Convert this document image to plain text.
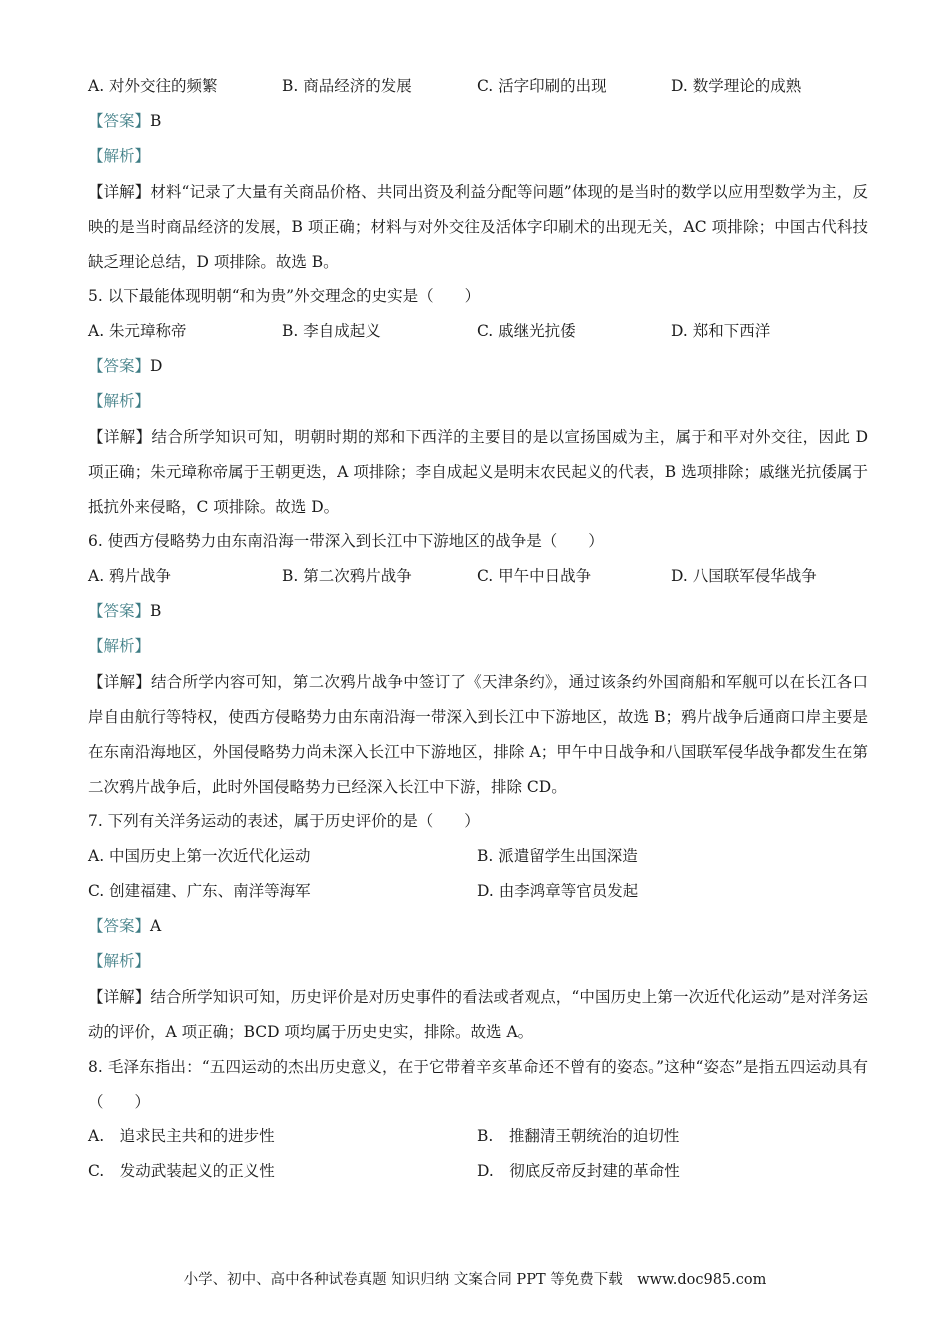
A. 对外交往的频繁	B. 商品经济的发展	C. 活字印刷的出现	D. 数学理论的成熟
【答案】B
【解析】

【详解】材料“记录了大量有关商品价格、共同出资及利益分配等问题”体现的是当时的数学以应用型数学为主，反映的是当时商品经济的发展，B 项正确；材料与对外交往及活体字印刷术的出现无关，AC 项排除；中国古代科技缺乏理论总结，D 项排除。故选 B。

5. 以下最能体现明朝“和为贵”外交理念的史实是（　　）
A. 朱元璋称帝	B. 李自成起义	C. 戚继光抗倭	D. 郑和下西洋
【答案】D
【解析】

【详解】结合所学知识可知，明朝时期的郑和下西洋的主要目的是以宣扬国威为主，属于和平对外交往，因此 D 项正确；朱元璋称帝属于王朝更迭，A 项排除；李自成起义是明末农民起义的代表，B 选项排除；戚继光抗倭属于抵抗外来侵略，C 项排除。故选 D。

6. 使西方侵略势力由东南沿海一带深入到长江中下游地区的战争是（　　）
A. 鸦片战争	B. 第二次鸦片战争	C. 甲午中日战争	D. 八国联军侵华战争
【答案】B
【解析】

【详解】结合所学内容可知，第二次鸦片战争中签订了《天津条约》，通过该条约外国商船和军舰可以在长江各口岸自由航行等特权，使西方侵略势力由东南沿海一带深入到长江中下游地区，故选 B；鸦片战争后通商口岸主要是在东南沿海地区，外国侵略势力尚未深入长江中下游地区，排除 A；甲午中日战争和八国联军侵华战争都发生在第二次鸦片战争后，此时外国侵略势力已经深入长江中下游，排除 CD。

7. 下列有关洋务运动的表述，属于历史评价的是（　　）
A. 中国历史上第一次近代化运动	B. 派遣留学生出国深造
C. 创建福建、广东、南洋等海军	D. 由李鸿章等官员发起
【答案】A
【解析】

【详解】结合所学知识可知，历史评价是对历史事件的看法或者观点，“中国历史上第一次近代化运动”是对洋务运动的评价，A 项正确；BCD 项均属于历史史实，排除。故选 A。

8. 毛泽东指出：“五四运动的杰出历史意义，在于它带着辛亥革命还不曾有的姿态。”这种“姿态”是指五四运动具有（　　）

A.　追求民主共和的进步性	B.　推翻清王朝统治的迫切性
C.　发动武装起义的正义性	D.　彻底反帝反封建的革命性
小学、初中、高中各种试卷真题 知识归纳 文案合同 PPT 等免费下载　www.doc985.com
